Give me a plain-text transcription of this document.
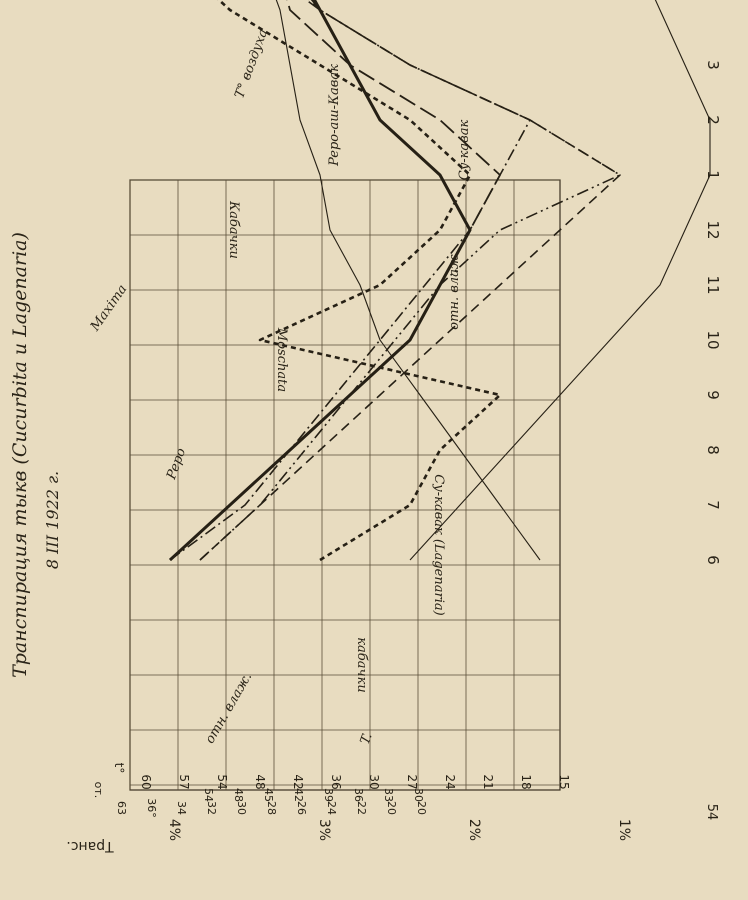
6
7
8
9
10
11
12
1
2
3
54
4%	3%	2%	1%
Транс.
60 57 54 48 42 36 30 27 24 21 18 15
t°
63 36° 34 32 30 28 26 24 22 20 20
от.	54 48 45 42 39 36 33 30
Транспирация тыкв (Cucurbita и Lagenaria) 8 III 1922 г.
T° воздуха
Кабачки
Maxima
Pepo
Moschata
отн. влаж.
Pepo-аш-Кавак	Су-кавак
Су-кавак (Lagenaria)
кабачки
отн. влаж.	T.
